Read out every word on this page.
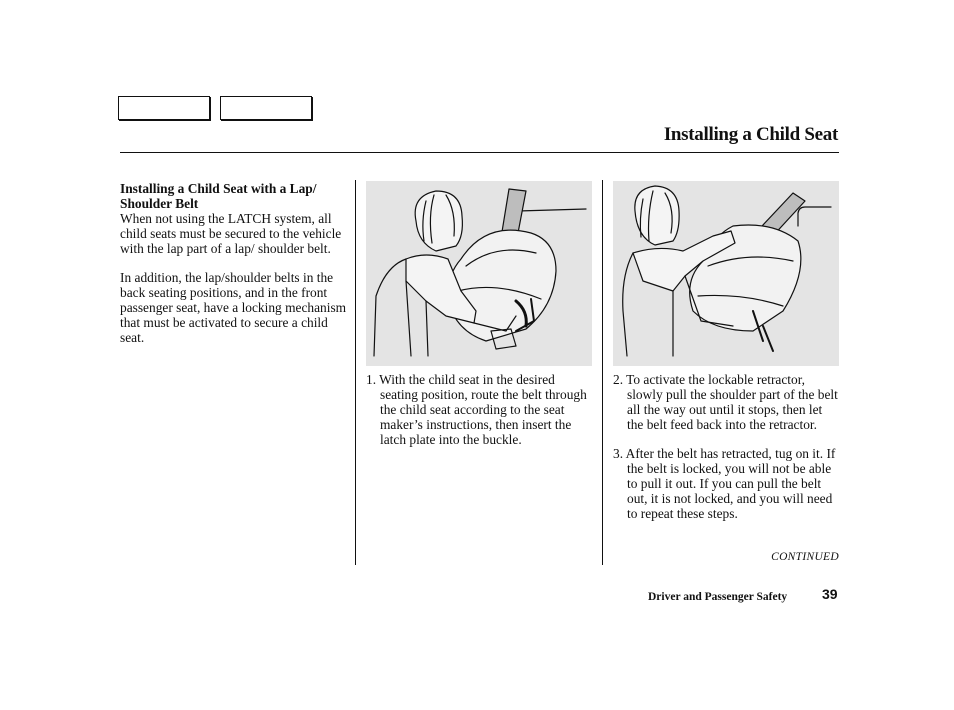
Installing a Child Seat

Installing a Child Seat with a Lap/ Shoulder Belt

When not using the LATCH system, all child seats must be secured to the vehicle with the lap part of a lap/ shoulder belt.

In addition, the lap/shoulder belts in the back seating positions, and in the front passenger seat, have a locking mechanism that must be activated to secure a child seat.

1. With the child seat in the desired seating position, route the belt through the child seat according to the seat maker’s instructions, then insert the latch plate into the buckle.

2. To activate the lockable retractor, slowly pull the shoulder part of the belt all the way out until it stops, then let the belt feed back into the retractor.

3. After the belt has retracted, tug on it. If the belt is locked, you will not be able to pull it out. If you can pull the belt out, it is not locked, and you will need to repeat these steps.

CONTINUED
Driver and Passenger Safety 39
